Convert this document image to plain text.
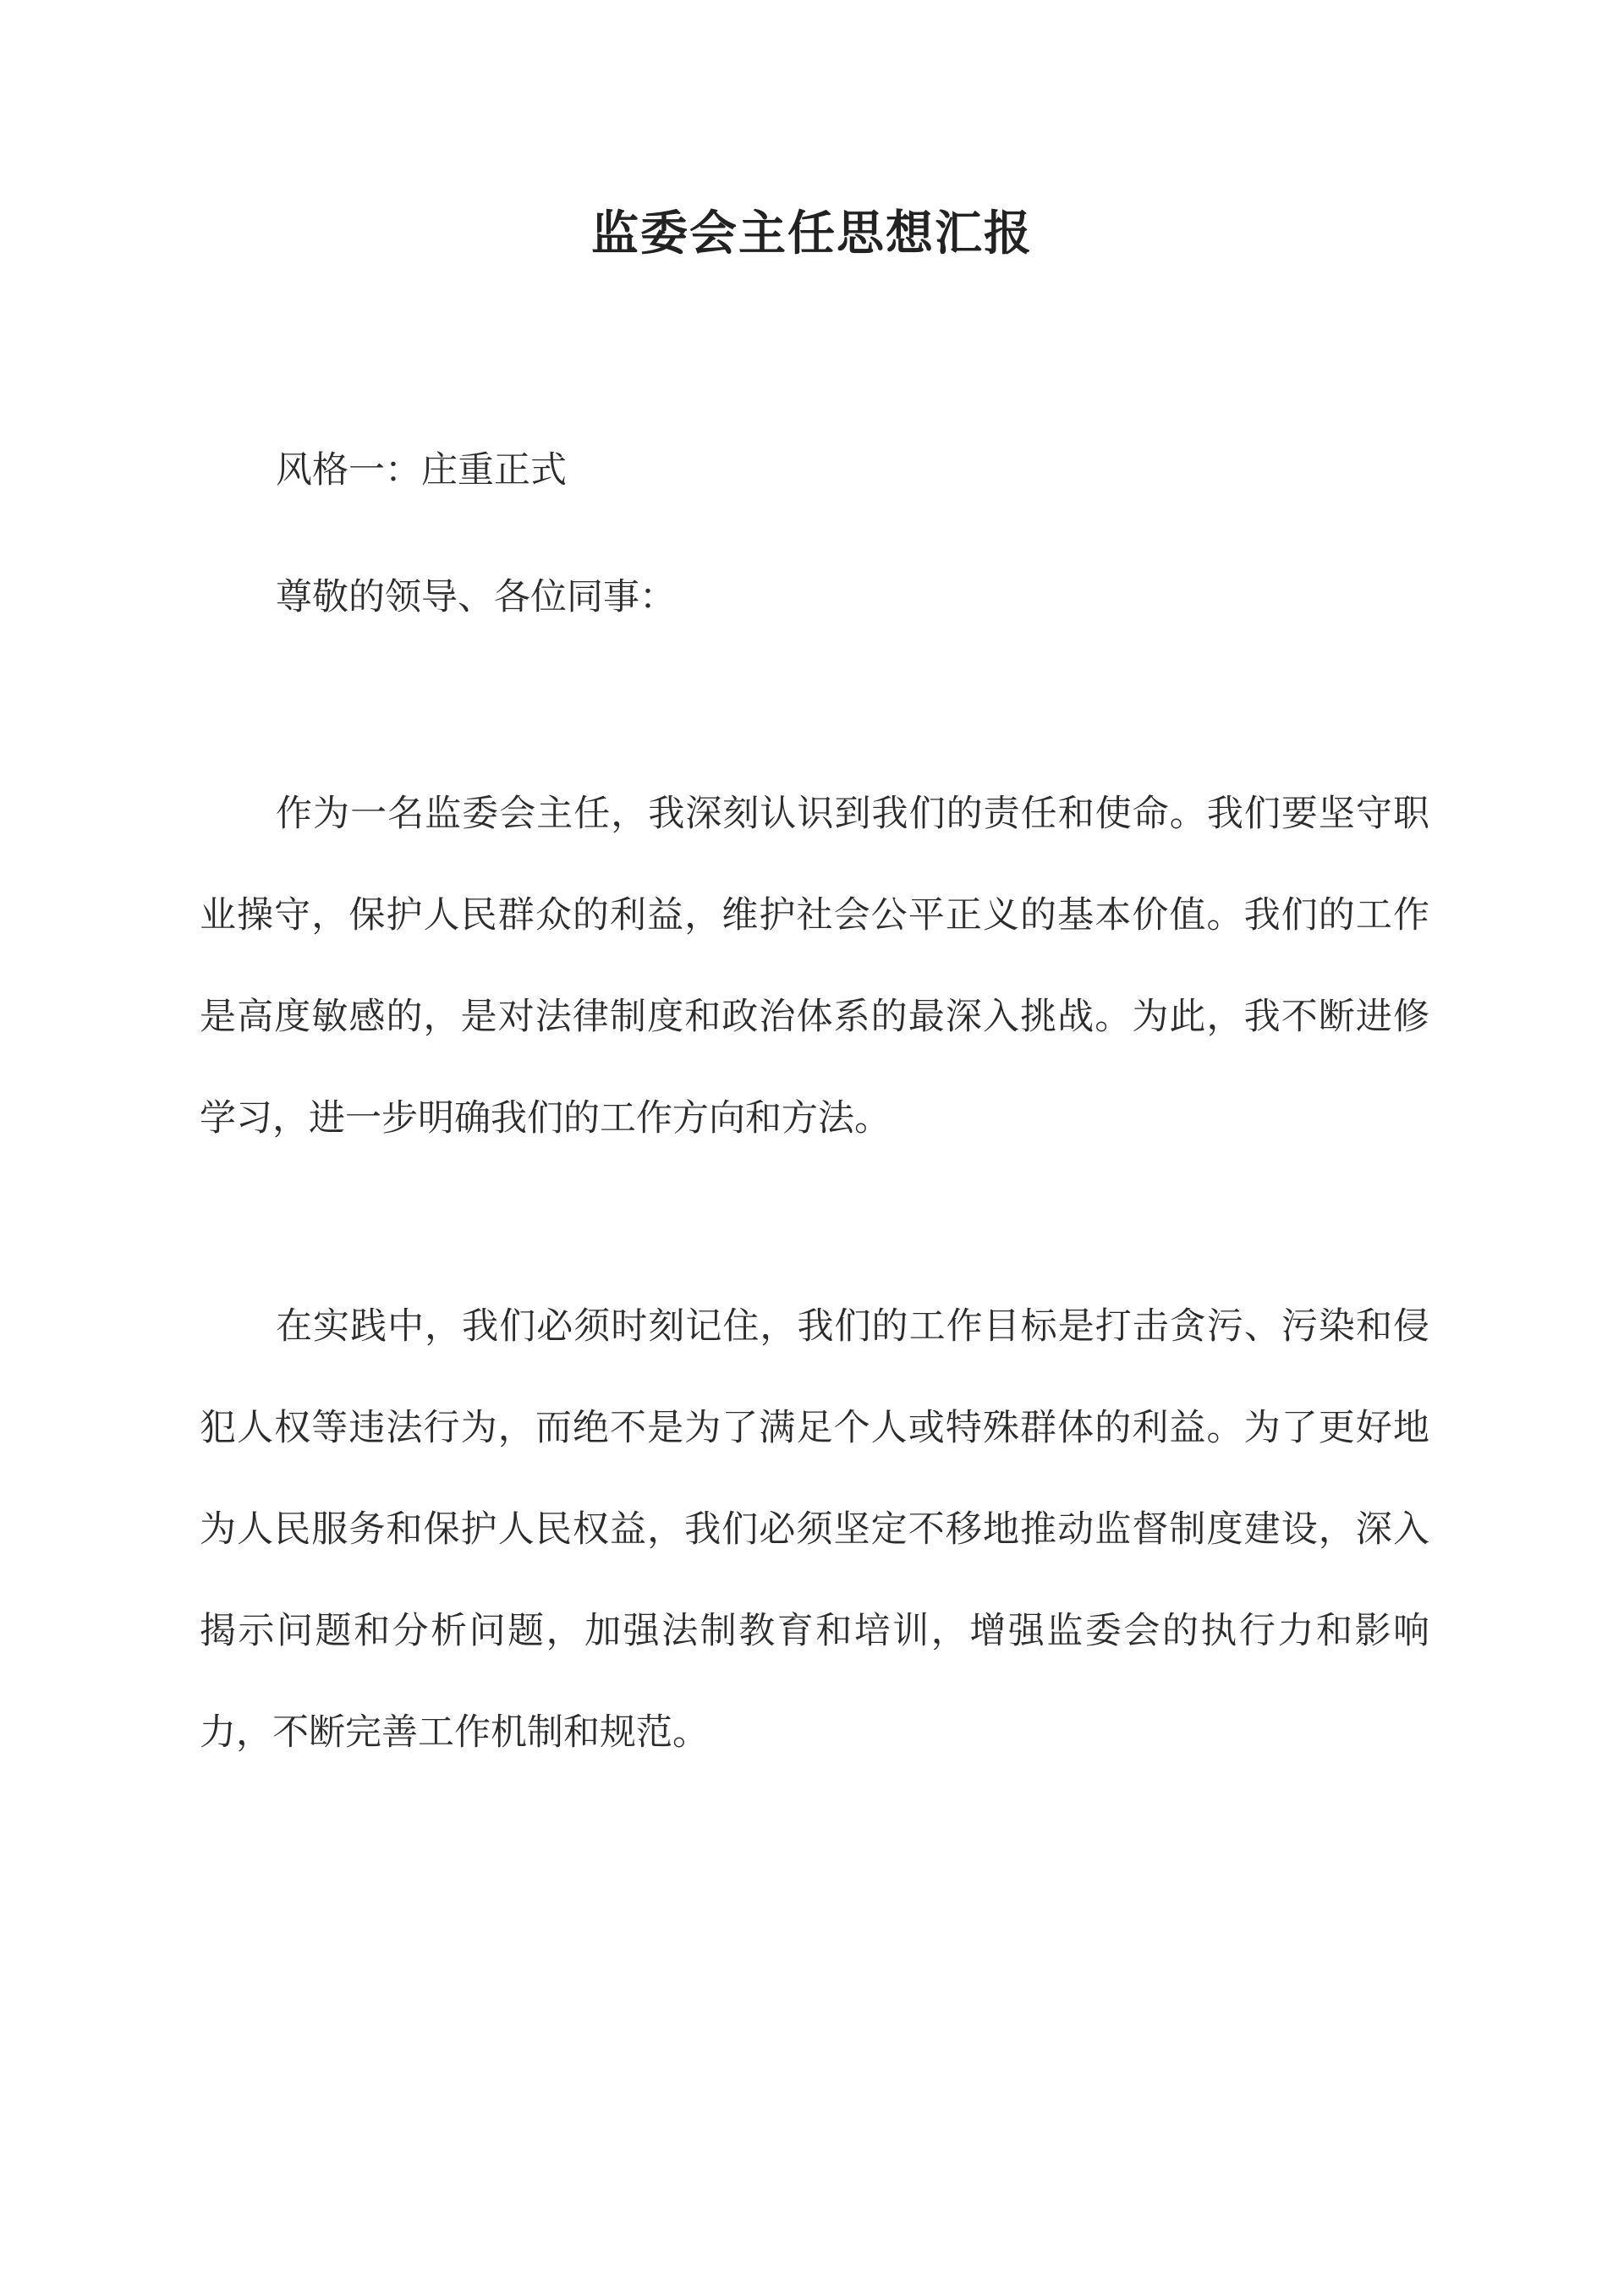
监委会主任思想汇报

风格一：庄重正式

尊敬的领导、各位同事：

作为一名监委会主任，我深刻认识到我们的责任和使命。我们要坚守职业操守，保护人民群众的利益，维护社会公平正义的基本价值。我们的工作是高度敏感的，是对法律制度和政治体系的最深入挑战。为此，我不断进修学习，进一步明确我们的工作方向和方法。

在实践中，我们必须时刻记住，我们的工作目标是打击贪污、污染和侵犯人权等违法行为，而绝不是为了满足个人或特殊群体的利益。为了更好地为人民服务和保护人民权益，我们必须坚定不移地推动监督制度建设，深入揭示问题和分析问题，加强法制教育和培训，增强监委会的执行力和影响力，不断完善工作机制和规范。
